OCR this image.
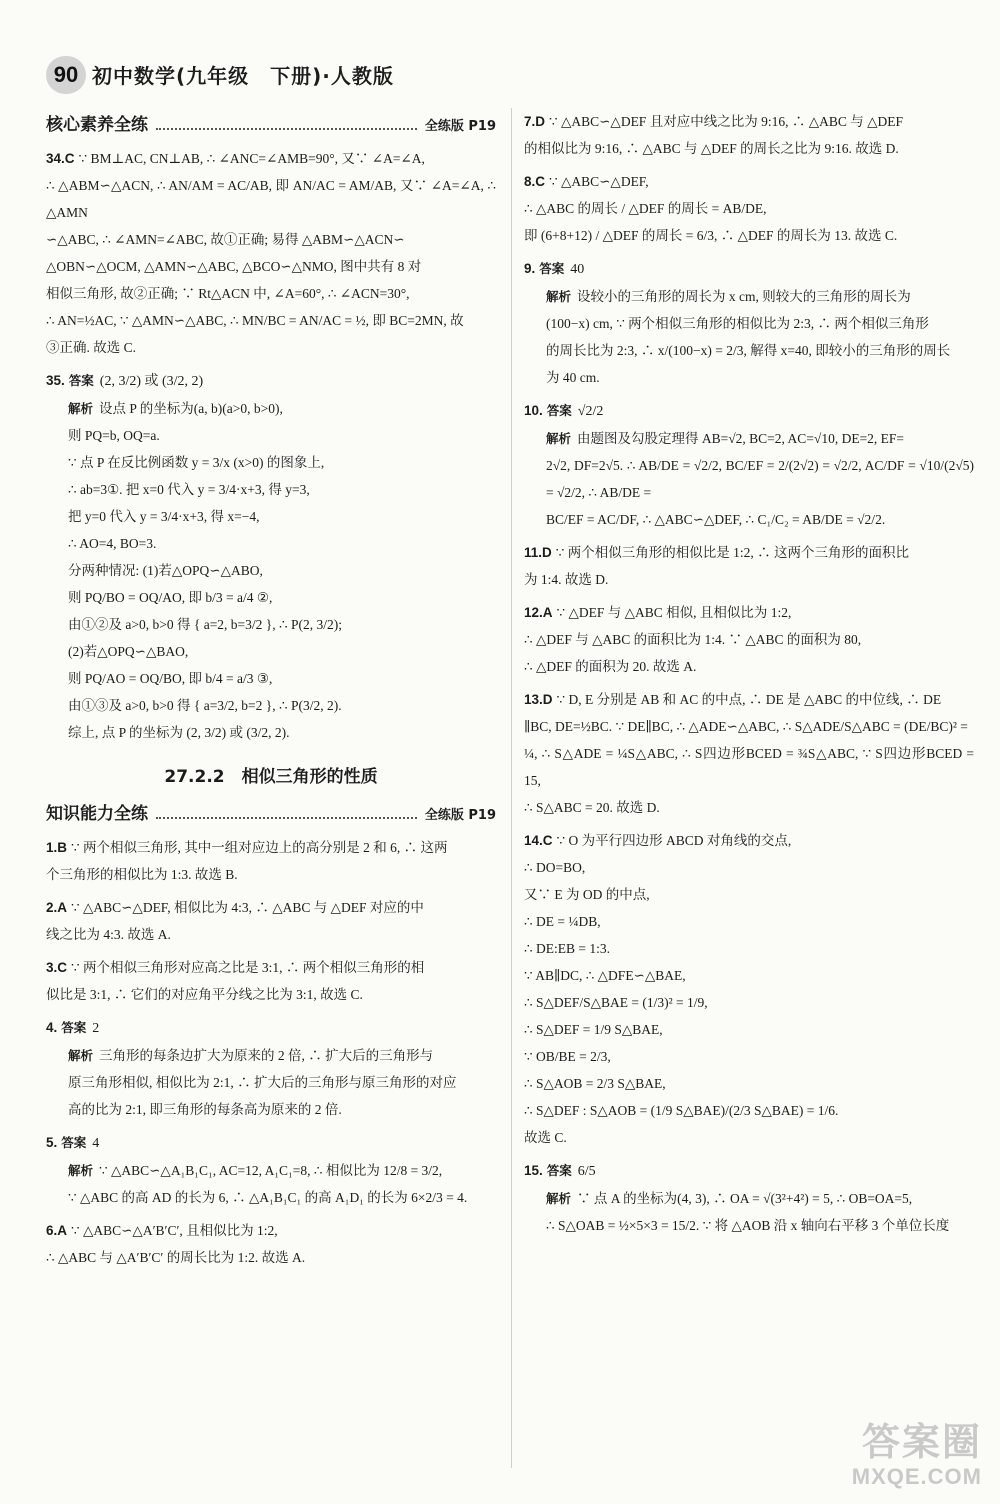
90 初中数学(九年级　下册)·人教版
核心素养全练	全练版 P19
34.C ∵ BM⊥AC, CN⊥AB, ∴ ∠ANC=∠AMB=90°, 又∵ ∠A=∠A,
∴ △ABM∽△ACN, ∴ AN/AM = AC/AB, 即 AN/AC = AM/AB, 又∵ ∠A=∠A, ∴ △AMN
∽△ABC, ∴ ∠AMN=∠ABC, 故①正确; 易得 △ABM∽△ACN∽
△OBN∽△OCM, △AMN∽△ABC, △BCO∽△NMO, 图中共有 8 对
相似三角形, 故②正确; ∵ Rt△ACN 中, ∠A=60°, ∴ ∠ACN=30°,
∴ AN=½AC, ∵ △AMN∽△ABC, ∴ MN/BC = AN/AC = ½, 即 BC=2MN, 故
③正确. 故选 C.
35. 答案 (2, 3/2) 或 (3/2, 2)

解析 设点 P 的坐标为(a, b)(a>0, b>0),
则 PQ=b, OQ=a.
∵ 点 P 在反比例函数 y = 3/x (x>0) 的图象上,
∴ ab=3①. 把 x=0 代入 y = 3/4·x+3, 得 y=3,
把 y=0 代入 y = 3/4·x+3, 得 x=−4,
∴ AO=4, BO=3.
分两种情况: (1)若△OPQ∽△ABO,
则 PQ/BO = OQ/AO, 即 b/3 = a/4 ②,
由①②及 a>0, b>0 得 { a=2, b=3/2 }, ∴ P(2, 3/2);
(2)若△OPQ∽△BAO,
则 PQ/AO = OQ/BO, 即 b/4 = a/3 ③,
由①③及 a>0, b>0 得 { a=3/2, b=2 }, ∴ P(3/2, 2).
综上, 点 P 的坐标为 (2, 3/2) 或 (3/2, 2).
27.2.2　相似三角形的性质
知识能力全练	全练版 P19
1.B ∵ 两个相似三角形, 其中一组对应边上的高分别是 2 和 6, ∴ 这两
个三角形的相似比为 1:3. 故选 B.
2.A ∵ △ABC∽△DEF, 相似比为 4:3, ∴ △ABC 与 △DEF 对应的中
线之比为 4:3. 故选 A.
3.C ∵ 两个相似三角形对应高之比是 3:1, ∴ 两个相似三角形的相
似比是 3:1, ∴ 它们的对应角平分线之比为 3:1, 故选 C.
4. 答案 2

解析 三角形的每条边扩大为原来的 2 倍, ∴ 扩大后的三角形与
原三角形相似, 相似比为 2:1, ∴ 扩大后的三角形与原三角形的对应
高的比为 2:1, 即三角形的每条高为原来的 2 倍.
5. 答案 4

解析 ∵ △ABC∽△A₁B₁C₁, AC=12, A₁C₁=8, ∴ 相似比为 12/8 = 3/2,
∵ △ABC 的高 AD 的长为 6, ∴ △A₁B₁C₁ 的高 A₁D₁ 的长为 6×2/3 = 4.
6.A ∵ △ABC∽△A′B′C′, 且相似比为 1:2,
∴ △ABC 与 △A′B′C′ 的周长比为 1:2. 故选 A.
7.D ∵ △ABC∽△DEF 且对应中线之比为 9:16, ∴ △ABC 与 △DEF
的相似比为 9:16, ∴ △ABC 与 △DEF 的周长之比为 9:16. 故选 D.
8.C ∵ △ABC∽△DEF,
∴ △ABC 的周长 / △DEF 的周长 = AB/DE,
即 (6+8+12) / △DEF 的周长 = 6/3, ∴ △DEF 的周长为 13. 故选 C.
9. 答案 40

解析 设较小的三角形的周长为 x cm, 则较大的三角形的周长为
(100−x) cm, ∵ 两个相似三角形的相似比为 2:3, ∴ 两个相似三角形
的周长比为 2:3, ∴ x/(100−x) = 2/3, 解得 x=40, 即较小的三角形的周长
为 40 cm.
10. 答案 √2/2

解析 由题图及勾股定理得 AB=√2, BC=2, AC=√10, DE=2, EF=
2√2, DF=2√5. ∴ AB/DE = √2/2, BC/EF = 2/(2√2) = √2/2, AC/DF = √10/(2√5) = √2/2, ∴ AB/DE =
BC/EF = AC/DF, ∴ △ABC∽△DEF, ∴ C₁/C₂ = AB/DE = √2/2.
11.D ∵ 两个相似三角形的相似比是 1:2, ∴ 这两个三角形的面积比
为 1:4. 故选 D.
12.A ∵ △DEF 与 △ABC 相似, 且相似比为 1:2,
∴ △DEF 与 △ABC 的面积比为 1:4. ∵ △ABC 的面积为 80,
∴ △DEF 的面积为 20. 故选 A.
13.D ∵ D, E 分别是 AB 和 AC 的中点, ∴ DE 是 △ABC 的中位线, ∴ DE
∥BC, DE=½BC. ∵ DE∥BC, ∴ △ADE∽△ABC, ∴ S△ADE/S△ABC = (DE/BC)² =
¼, ∴ S△ADE = ¼S△ABC, ∴ S四边形BCED = ¾S△ABC, ∵ S四边形BCED = 15,
∴ S△ABC = 20. 故选 D.
14.C ∵ O 为平行四边形 ABCD 对角线的交点,
∴ DO=BO,
又∵ E 为 OD 的中点,
∴ DE = ¼DB,
∴ DE:EB = 1:3.
∵ AB∥DC, ∴ △DFE∽△BAE,
∴ S△DEF/S△BAE = (1/3)² = 1/9,
∴ S△DEF = 1/9 S△BAE,
∵ OB/BE = 2/3,
∴ S△AOB = 2/3 S△BAE,
∴ S△DEF : S△AOB = (1/9 S△BAE)/(2/3 S△BAE) = 1/6.
故选 C.
15. 答案 6/5

解析 ∵ 点 A 的坐标为(4, 3), ∴ OA = √(3²+4²) = 5, ∴ OB=OA=5,
∴ S△OAB = ½×5×3 = 15/2. ∵ 将 △AOB 沿 x 轴向右平移 3 个单位长度
答案圈
MXQE.COM
